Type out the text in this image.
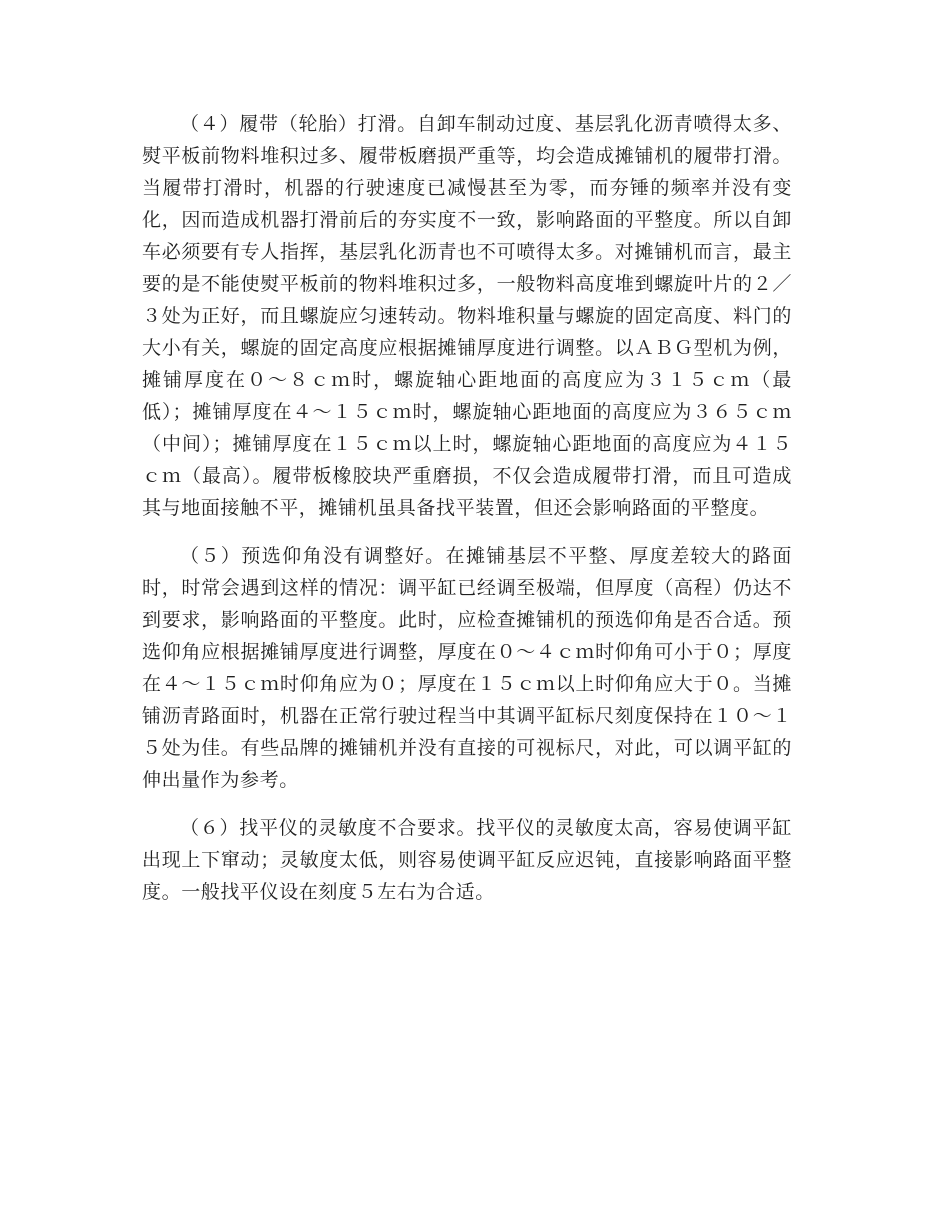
（４）履带（轮胎）打滑。自卸车制动过度、基层乳化沥青喷得太多、熨平板前物料堆积过多、履带板磨损严重等，均会造成摊铺机的履带打滑。当履带打滑时，机器的行驶速度已减慢甚至为零，而夯锤的频率并没有变化，因而造成机器打滑前后的夯实度不一致，影响路面的平整度。所以自卸车必须要有专人指挥，基层乳化沥青也不可喷得太多。对摊铺机而言，最主要的是不能使熨平板前的物料堆积过多，一般物料高度堆到螺旋叶片的２／３处为正好，而且螺旋应匀速转动。物料堆积量与螺旋的固定高度、料门的大小有关，螺旋的固定高度应根据摊铺厚度进行调整。以ＡＢＧ型机为例，摊铺厚度在０～８ｃｍ时，螺旋轴心距地面的高度应为３１５ｃｍ（最低）；摊铺厚度在４～１５ｃｍ时，螺旋轴心距地面的高度应为３６５ｃｍ（中间）；摊铺厚度在１５ｃｍ以上时，螺旋轴心距地面的高度应为４１５ｃｍ（最高）。履带板橡胶块严重磨损，不仅会造成履带打滑，而且可造成其与地面接触不平，摊铺机虽具备找平装置，但还会影响路面的平整度。

（５）预选仰角没有调整好。在摊铺基层不平整、厚度差较大的路面时，时常会遇到这样的情况：调平缸已经调至极端，但厚度（高程）仍达不到要求，影响路面的平整度。此时，应检查摊铺机的预选仰角是否合适。预选仰角应根据摊铺厚度进行调整，厚度在０～４ｃｍ时仰角可小于０；厚度在４～１５ｃｍ时仰角应为０；厚度在１５ｃｍ以上时仰角应大于０。当摊铺沥青路面时，机器在正常行驶过程当中其调平缸标尺刻度保持在１０～１５处为佳。有些品牌的摊铺机并没有直接的可视标尺，对此，可以调平缸的伸出量作为参考。

（６）找平仪的灵敏度不合要求。找平仪的灵敏度太高，容易使调平缸出现上下窜动；灵敏度太低，则容易使调平缸反应迟钝，直接影响路面平整度。一般找平仪设在刻度５左右为合适。
